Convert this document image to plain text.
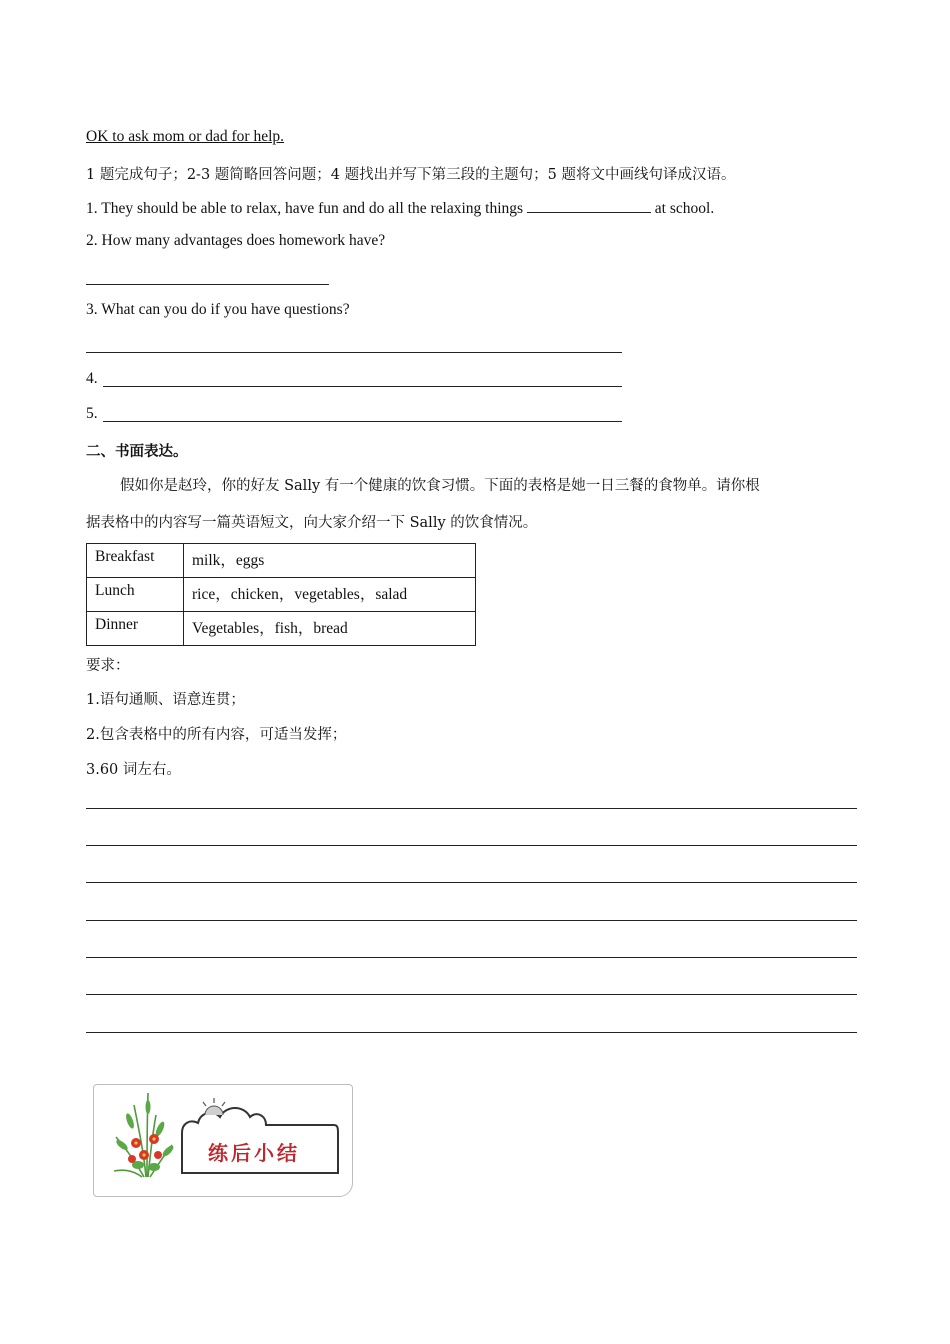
OK to ask mom or dad for help.
1 题完成句子；2-3 题简略回答问题；4 题找出并写下第三段的主题句；5 题将文中画线句译成汉语。
1. They should be able to relax, have fun and do all the relaxing things	at school.
2. How many advantages does homework have?
3. What can you do if you have questions?
4.
5.
二、书面表达。
假如你是赵玲，你的好友 Sally 有一个健康的饮食习惯。下面的表格是她一日三餐的食物单。请你根
据表格中的内容写一篇英语短文，向大家介绍一下 Sally 的饮食情况。
Breakfast	milk，eggs
Lunch	rice，chicken，vegetables，salad
Dinner	Vegetables，fish，bread
要求：
1.语句通顺、语意连贯；
2.包含表格中的所有内容，可适当发挥；
3.60 词左右。
练后小结
